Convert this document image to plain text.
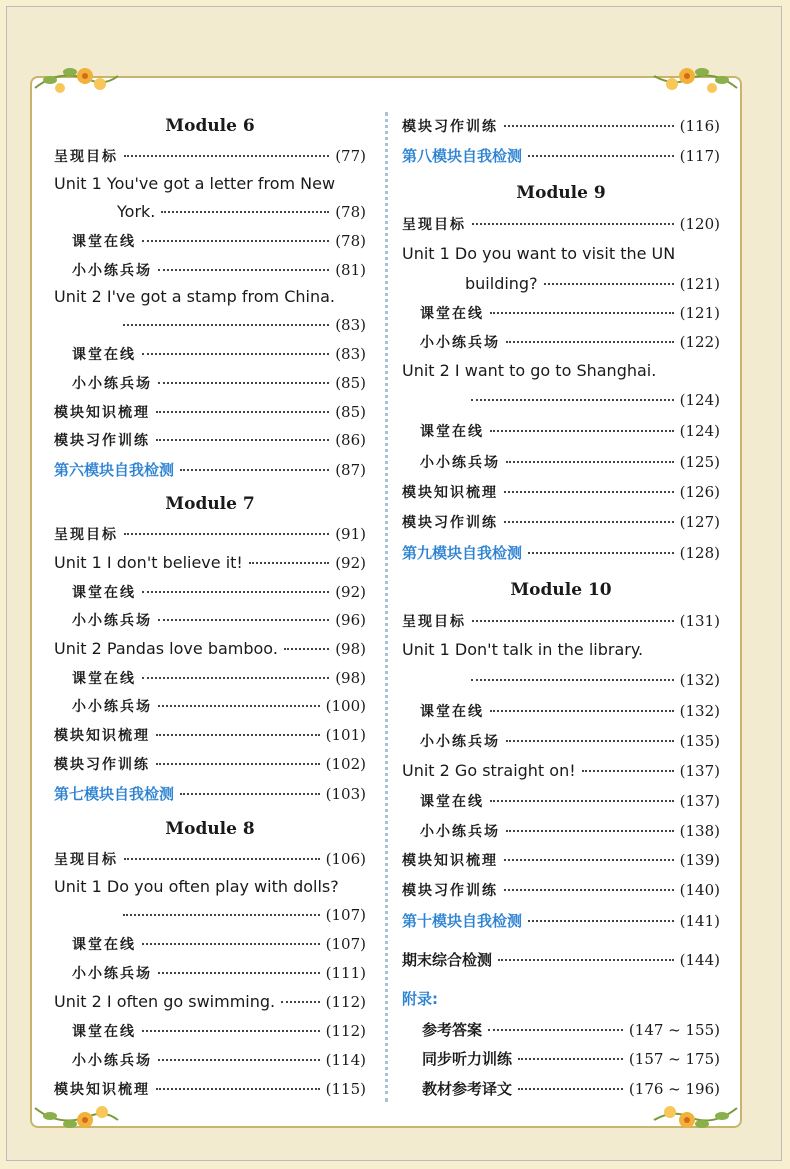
Module 6
呈现目标	(77)
Unit 1 You've got a letter from New
York.	(78)
课堂在线	(78)
小小练兵场	(81)
Unit 2 I've got a stamp from China.
(83)
课堂在线	(83)
小小练兵场	(85)
模块知识梳理	(85)
模块习作训练	(86)
第六模块自我检测	(87)
Module 7
呈现目标	(91)
Unit 1 I don't believe it!	(92)
课堂在线	(92)
小小练兵场	(96)
Unit 2 Pandas love bamboo.	(98)
课堂在线	(98)
小小练兵场	(100)
模块知识梳理	(101)
模块习作训练	(102)
第七模块自我检测	(103)
Module 8
呈现目标	(106)
Unit 1 Do you often play with dolls?
(107)
课堂在线	(107)
小小练兵场	(111)
Unit 2 I often go swimming.	(112)
课堂在线	(112)
小小练兵场	(114)
模块知识梳理	(115)
模块习作训练	(116)
第八模块自我检测	(117)
Module 9
呈现目标	(120)
Unit 1 Do you want to visit the UN
building?	(121)
课堂在线	(121)
小小练兵场	(122)
Unit 2 I want to go to Shanghai.
(124)
课堂在线	(124)
小小练兵场	(125)
模块知识梳理	(126)
模块习作训练	(127)
第九模块自我检测	(128)
Module 10
呈现目标	(131)
Unit 1 Don't talk in the library.
(132)
课堂在线	(132)
小小练兵场	(135)
Unit 2 Go straight on!	(137)
课堂在线	(137)
小小练兵场	(138)
模块知识梳理	(139)
模块习作训练	(140)
第十模块自我检测	(141)
期末综合检测	(144)
附录:
参考答案	(147 ~ 155)
同步听力训练	(157 ~ 175)
教材参考译文	(176 ~ 196)
